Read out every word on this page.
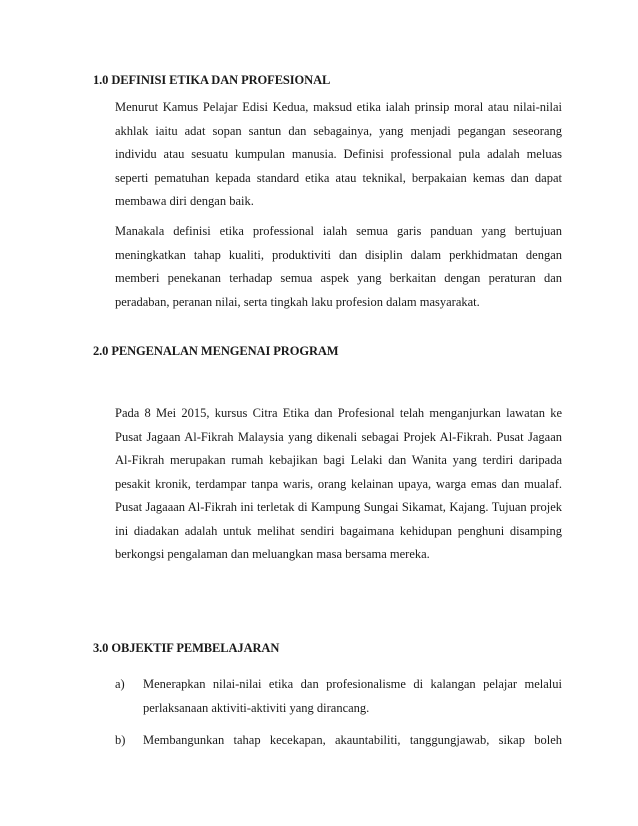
1.0 DEFINISI ETIKA DAN PROFESIONAL
Menurut Kamus Pelajar Edisi Kedua, maksud etika ialah prinsip moral atau nilai-nilai akhlak iaitu adat sopan santun dan sebagainya, yang menjadi pegangan seseorang individu atau sesuatu kumpulan manusia. Definisi professional pula adalah meluas seperti pematuhan kepada standard etika atau teknikal, berpakaian kemas dan dapat membawa diri dengan baik.
Manakala definisi etika professional ialah semua garis panduan yang bertujuan meningkatkan tahap kualiti, produktiviti dan disiplin dalam perkhidmatan dengan memberi penekanan terhadap semua aspek yang berkaitan dengan peraturan dan peradaban, peranan nilai, serta tingkah laku profesion dalam masyarakat.
2.0 PENGENALAN MENGENAI PROGRAM
Pada 8 Mei 2015, kursus Citra Etika dan Profesional telah menganjurkan lawatan ke Pusat Jagaan Al-Fikrah Malaysia yang dikenali sebagai Projek Al-Fikrah. Pusat Jagaan Al-Fikrah merupakan rumah kebajikan bagi Lelaki dan Wanita yang terdiri daripada pesakit kronik, terdampar tanpa waris, orang kelainan upaya, warga emas dan mualaf. Pusat Jagaaan Al-Fikrah ini terletak di Kampung Sungai Sikamat, Kajang. Tujuan projek ini diadakan adalah untuk melihat sendiri bagaimana kehidupan penghuni disamping berkongsi pengalaman dan meluangkan masa bersama mereka.
3.0 OBJEKTIF PEMBELAJARAN
a)	Menerapkan nilai-nilai etika dan profesionalisme di kalangan pelajar melalui perlaksanaan aktiviti-aktiviti yang dirancang.
b)	Membangunkan tahap kecekapan, akauntabiliti, tanggungjawab, sikap boleh
